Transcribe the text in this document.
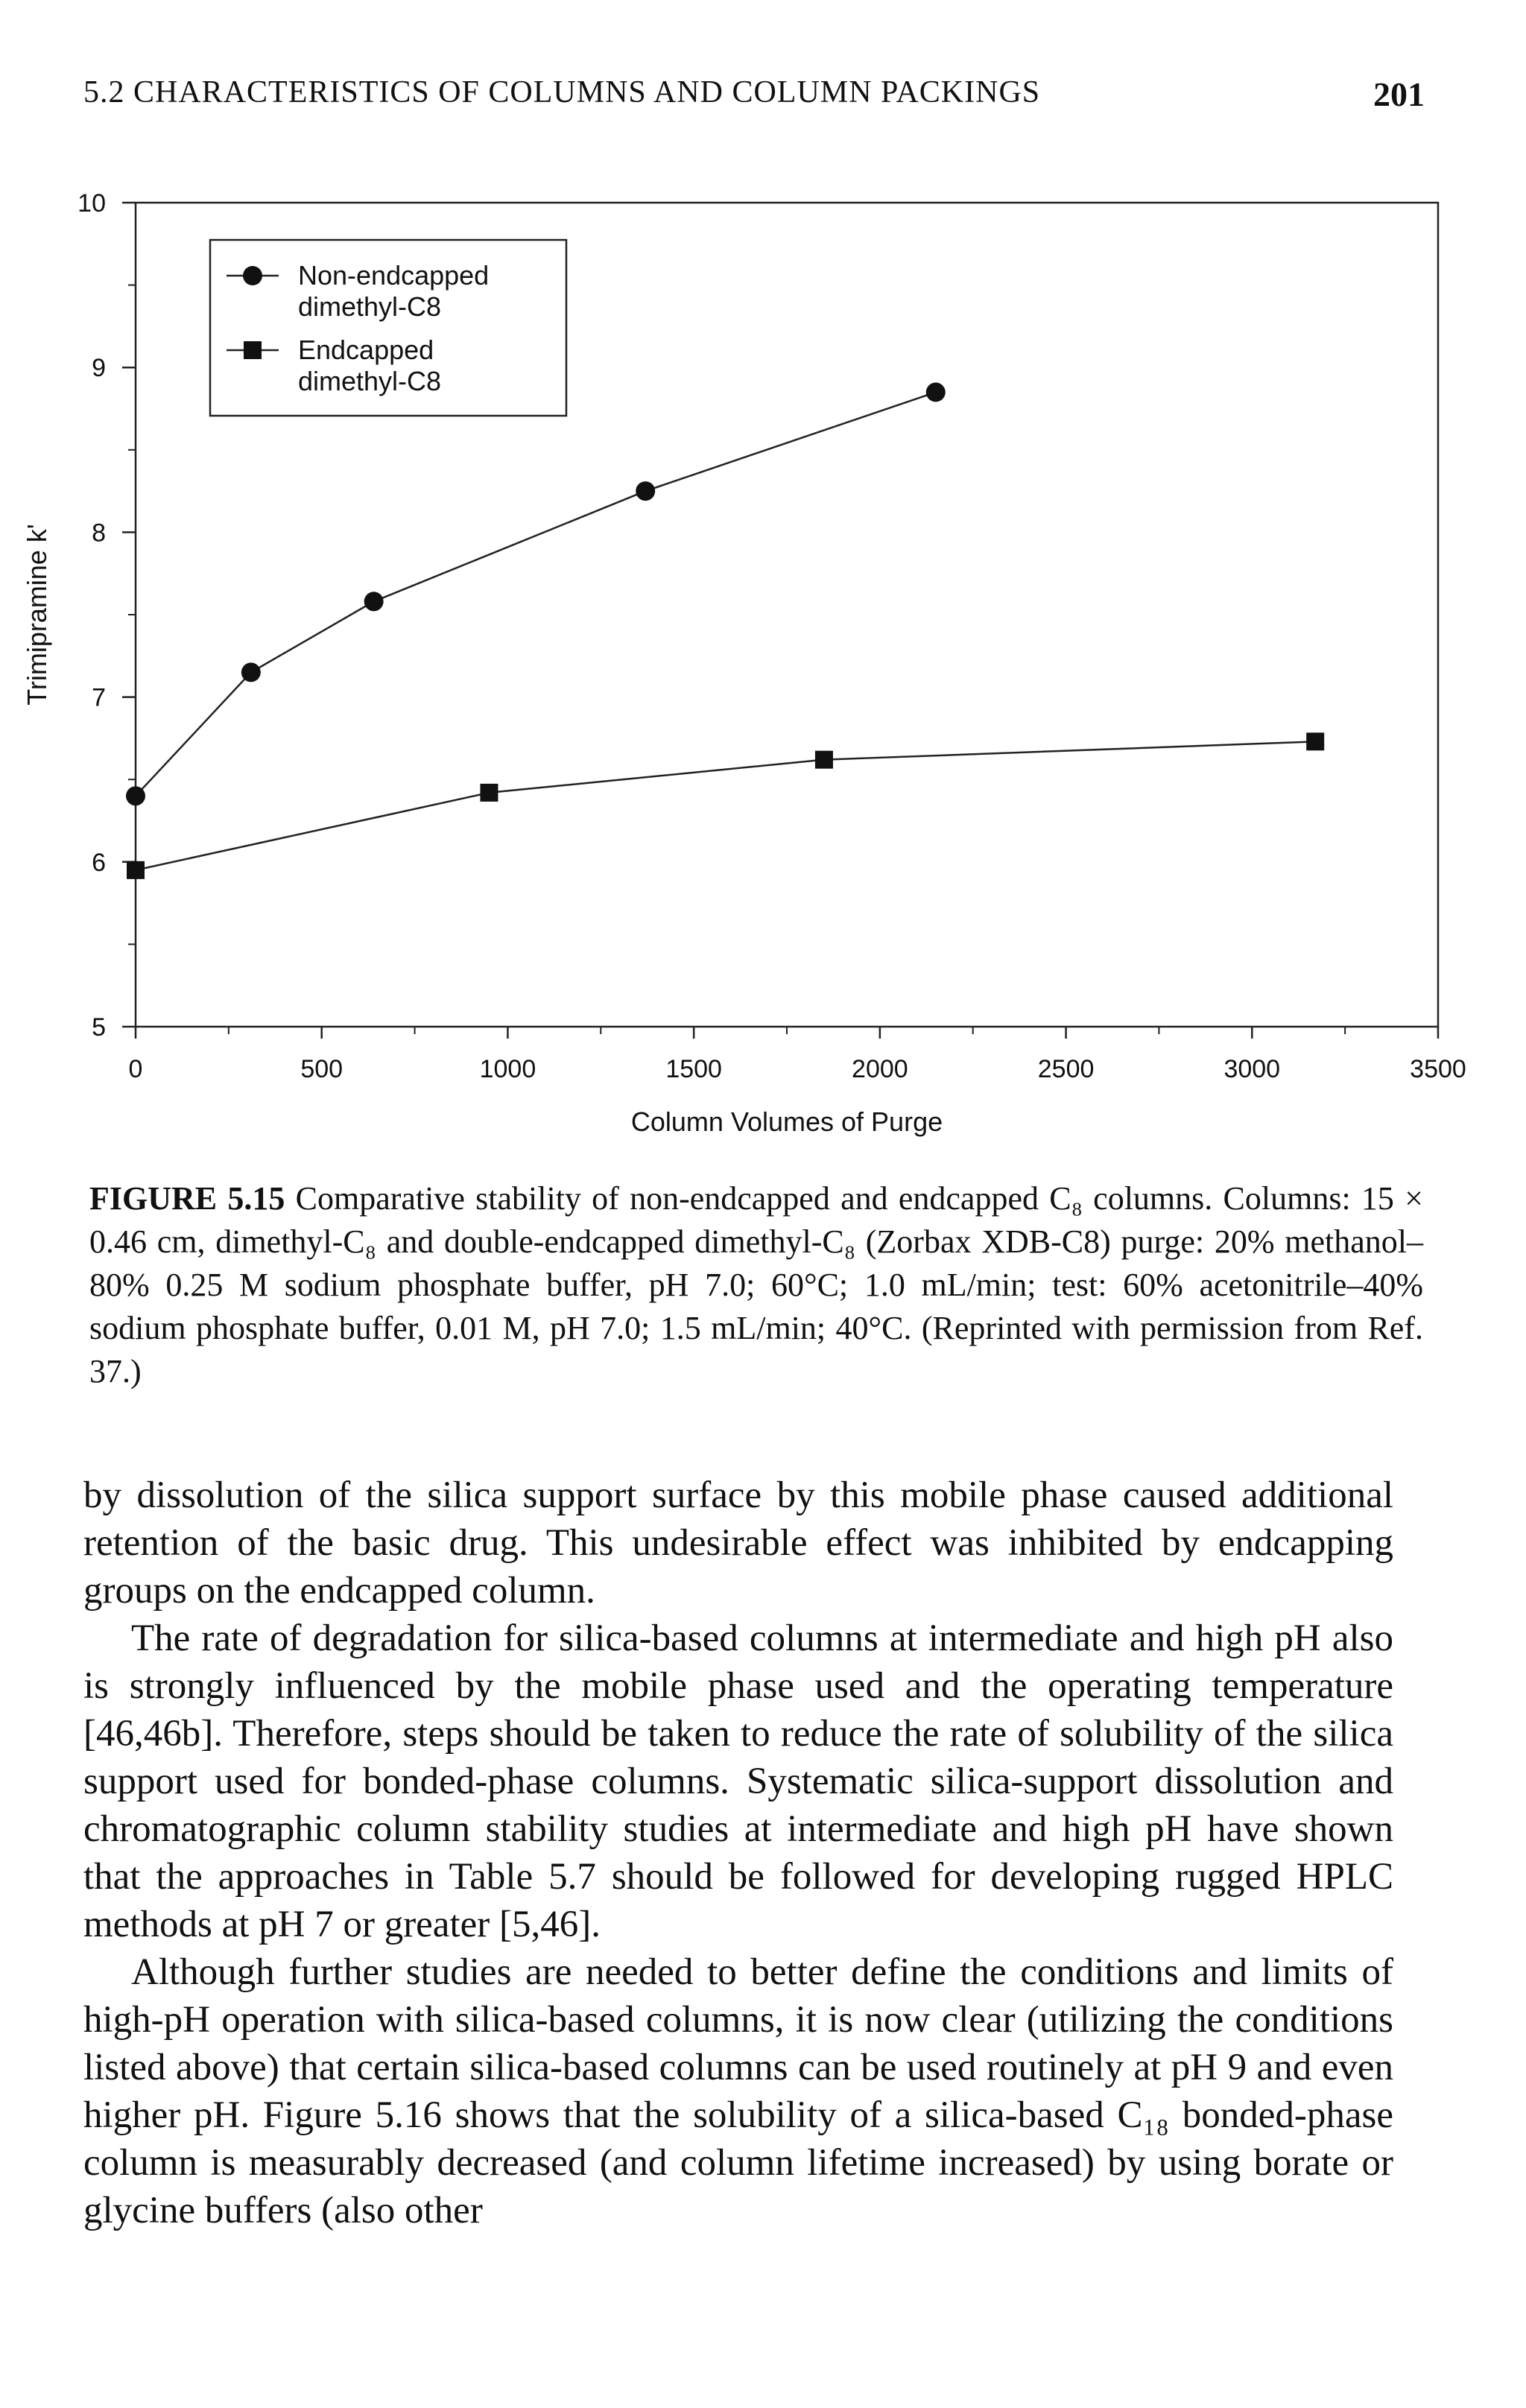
5.2 CHARACTERISTICS OF COLUMNS AND COLUMN PACKINGS	201
5
6
7
8
9
10
0	500	1000	1500	2000	2500	3000	3500
Column Volumes of Purge
Trimipramine k'
Non-endcapped
dimethyl-C8
Endcapped
dimethyl-C8
FIGURE 5.15 Comparative stability of non-endcapped and endcapped C₈ columns. Columns: 15 × 0.46 cm, dimethyl-C₈ and double-endcapped dimethyl-C₈ (Zorbax XDB-C8) purge: 20% methanol–80% 0.25 M sodium phosphate buffer, pH 7.0; 60°C; 1.0 mL/min; test: 60% acetonitrile–40% sodium phosphate buffer, 0.01 M, pH 7.0; 1.5 mL/min; 40°C. (Reprinted with permission from Ref. 37.)

by dissolution of the silica support surface by this mobile phase caused additional retention of the basic drug. This undesirable effect was inhibited by endcapping groups on the endcapped column.

The rate of degradation for silica-based columns at intermediate and high pH also is strongly influenced by the mobile phase used and the operating temperature [46,46b]. Therefore, steps should be taken to reduce the rate of solubility of the silica support used for bonded-phase columns. Systematic silica-support dissolution and chromatographic column stability studies at intermediate and high pH have shown that the approaches in Table 5.7 should be followed for developing rugged HPLC methods at pH 7 or greater [5,46].

Although further studies are needed to better define the conditions and limits of high-pH operation with silica-based columns, it is now clear (utilizing the conditions listed above) that certain silica-based columns can be used routinely at pH 9 and even higher pH. Figure 5.16 shows that the solubility of a silica-based C₁₈ bonded-phase column is measurably decreased (and column lifetime increased) by using borate or glycine buffers (also other
